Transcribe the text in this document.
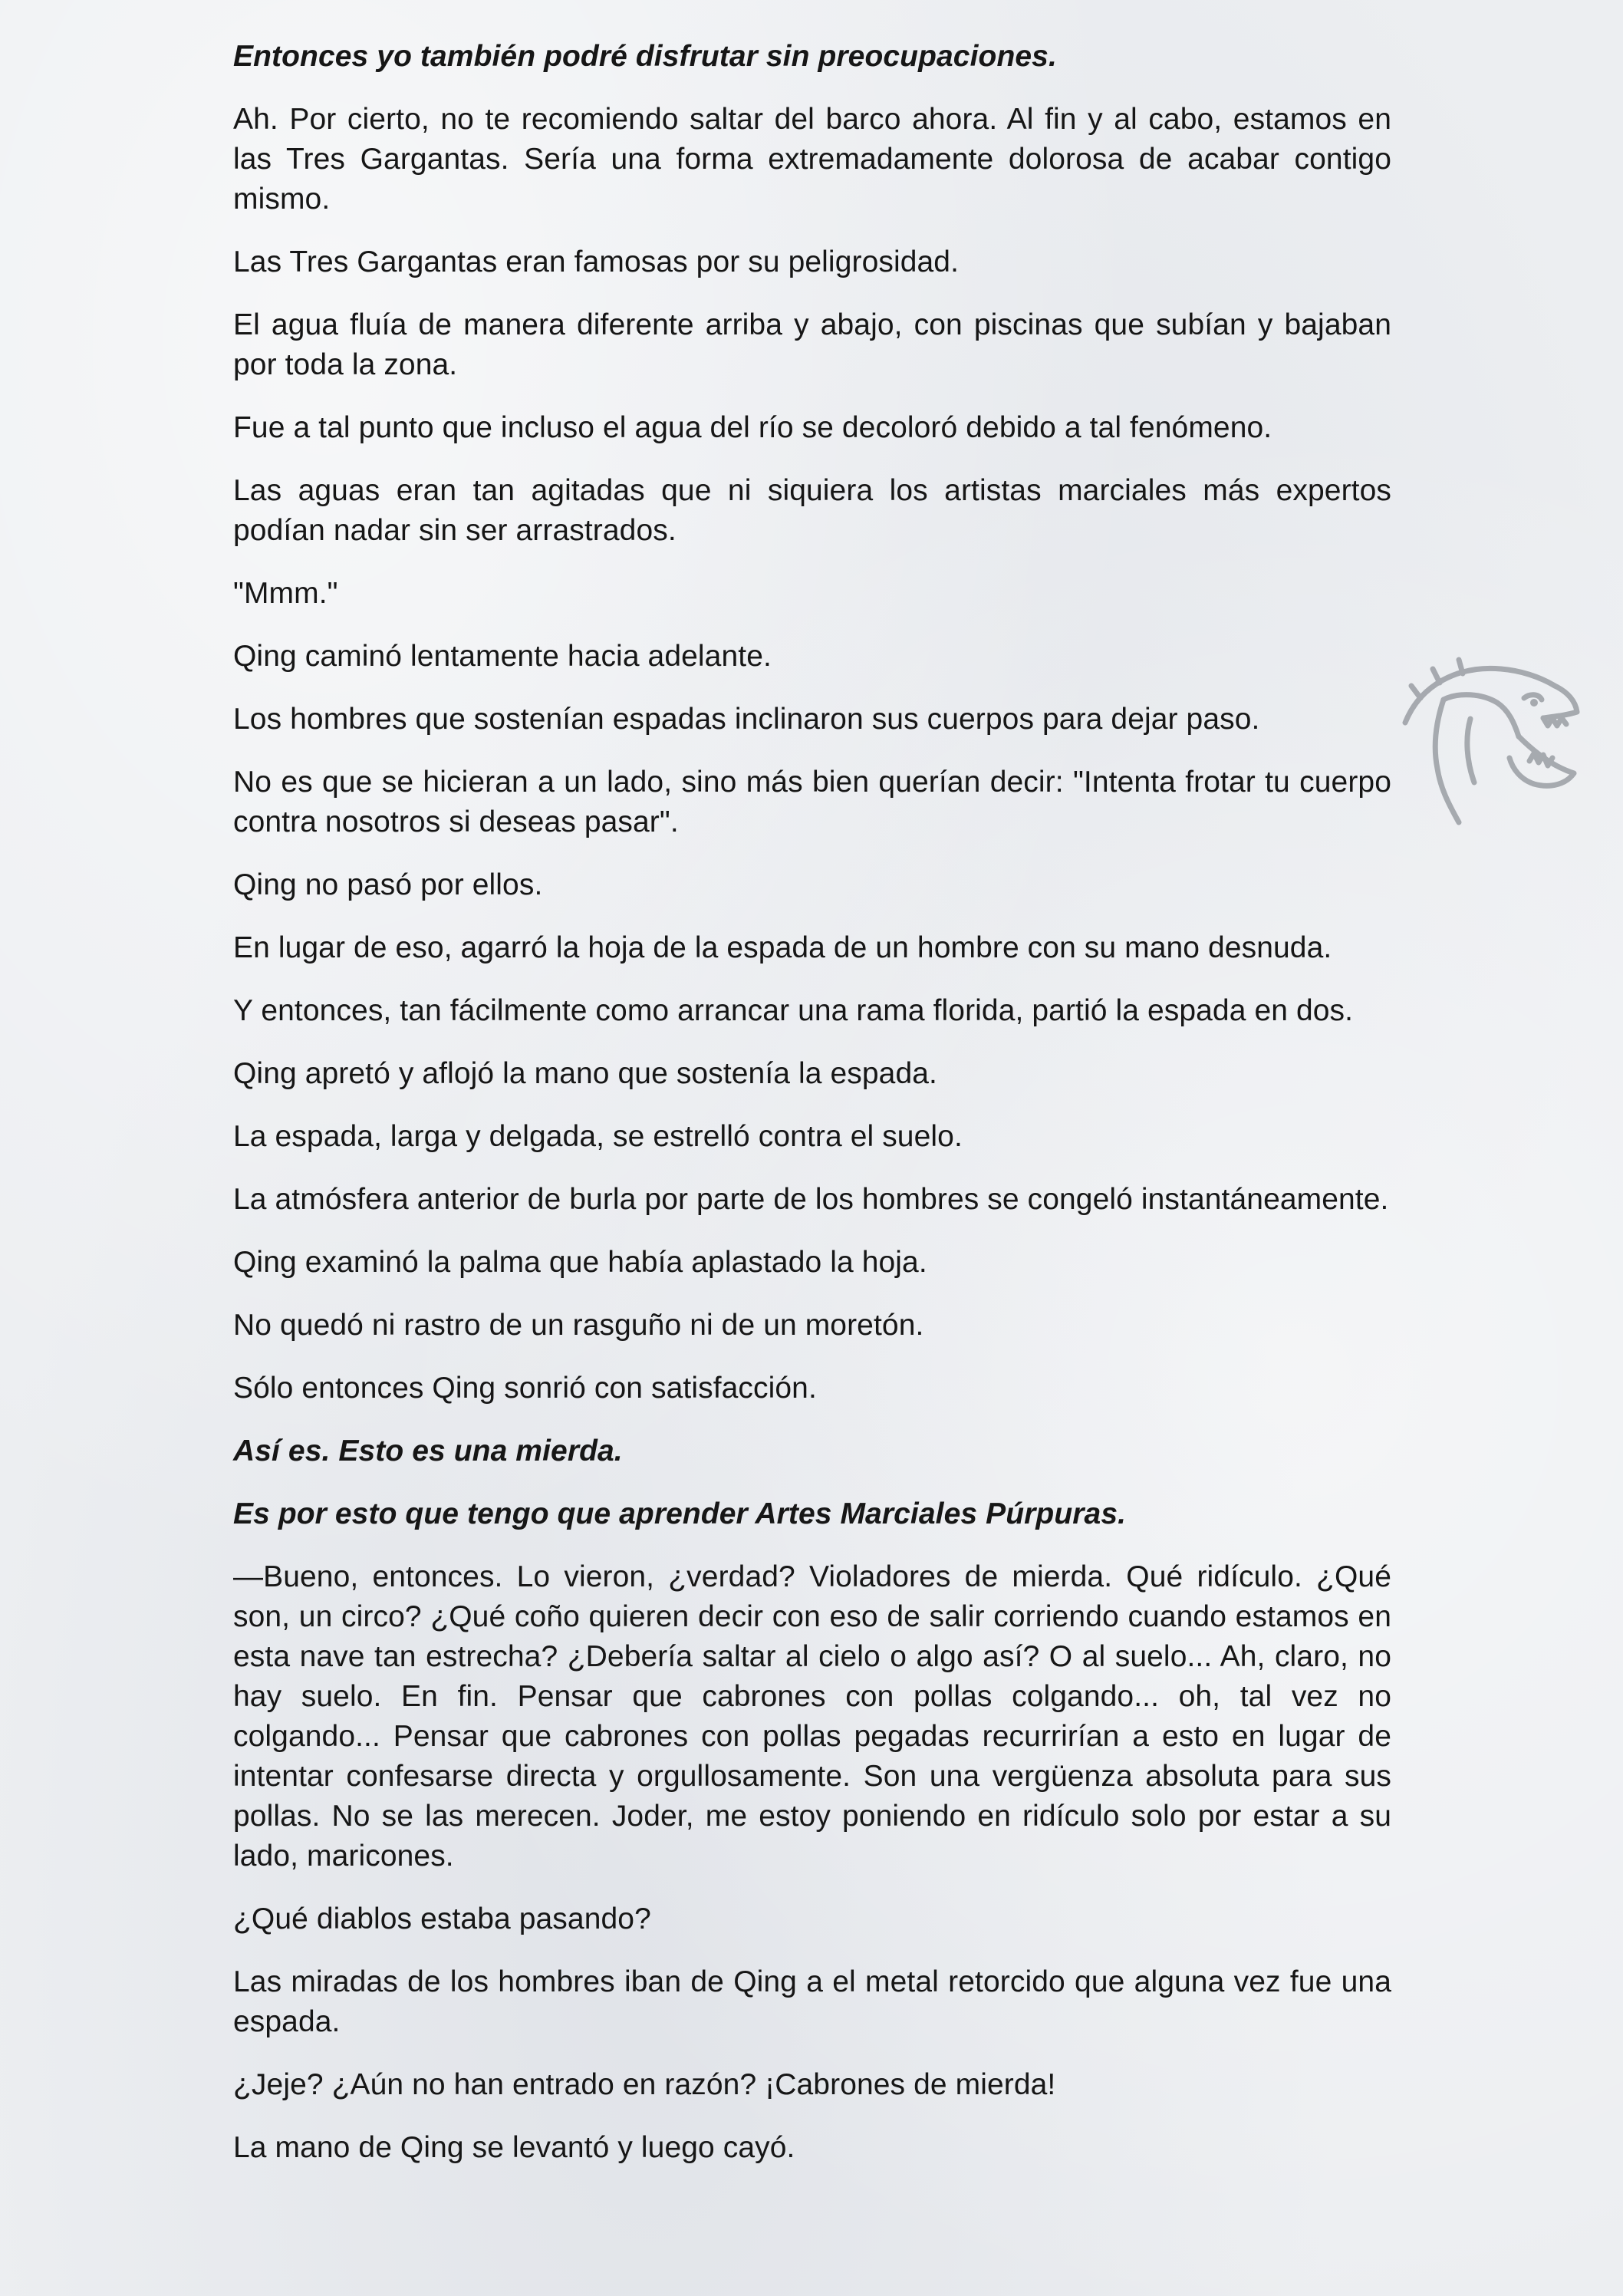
Entonces yo también podré disfrutar sin preocupaciones.

Ah. Por cierto, no te recomiendo saltar del barco ahora. Al fin y al cabo, estamos en las Tres Gargantas. Sería una forma extremadamente dolorosa de acabar contigo mismo.

Las Tres Gargantas eran famosas por su peligrosidad.

El agua fluía de manera diferente arriba y abajo, con piscinas que subían y bajaban por toda la zona.

Fue a tal punto que incluso el agua del río se decoloró debido a tal fenómeno.

Las aguas eran tan agitadas que ni siquiera los artistas marciales más expertos podían nadar sin ser arrastrados.

"Mmm."

Qing caminó lentamente hacia adelante.

Los hombres que sostenían espadas inclinaron sus cuerpos para dejar paso.

No es que se hicieran a un lado, sino más bien querían decir: "Intenta frotar tu cuerpo contra nosotros si deseas pasar".

Qing no pasó por ellos.

En lugar de eso, agarró la hoja de la espada de un hombre con su mano desnuda.

Y entonces, tan fácilmente como arrancar una rama florida, partió la espada en dos.

Qing apretó y aflojó la mano que sostenía la espada.

La espada, larga y delgada, se estrelló contra el suelo.

La atmósfera anterior de burla por parte de los hombres se congeló instantáneamente.

Qing examinó la palma que había aplastado la hoja.

No quedó ni rastro de un rasguño ni de un moretón.

Sólo entonces Qing sonrió con satisfacción.

Así es. Esto es una mierda.

Es por esto que tengo que aprender Artes Marciales Púrpuras.

—Bueno, entonces. Lo vieron, ¿verdad? Violadores de mierda. Qué ridículo. ¿Qué son, un circo? ¿Qué coño quieren decir con eso de salir corriendo cuando estamos en esta nave tan estrecha? ¿Debería saltar al cielo o algo así? O al suelo... Ah, claro, no hay suelo. En fin. Pensar que cabrones con pollas colgando... oh, tal vez no colgando... Pensar que cabrones con pollas pegadas recurrirían a esto en lugar de intentar confesarse directa y orgullosamente. Son una vergüenza absoluta para sus pollas. No se las merecen. Joder, me estoy poniendo en ridículo solo por estar a su lado, maricones.

¿Qué diablos estaba pasando?

Las miradas de los hombres iban de Qing a el metal retorcido que alguna vez fue una espada.

¿Jeje? ¿Aún no han entrado en razón? ¡Cabrones de mierda!

La mano de Qing se levantó y luego cayó.
